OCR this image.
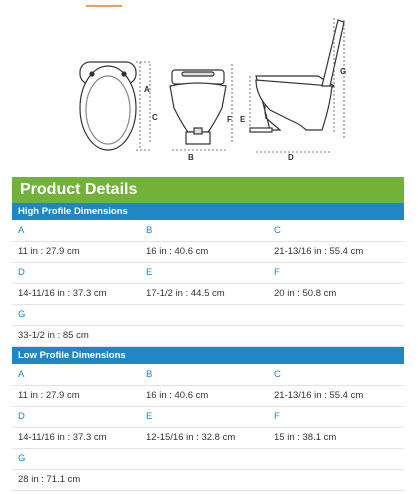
C
A
B
F E
D
G
Product Details
High Profile Dimensions
A	B	C
11 in : 27.9 cm	16 in : 40.6 cm	21-13/16 in : 55.4 cm
D	E	F
14-11/16 in : 37.3 cm	17-1/2 in : 44.5 cm	20 in : 50.8 cm
G
33-1/2 in : 85 cm
Low Profile Dimensions
A	B	C
11 in : 27.9 cm	16 in : 40.6 cm	21-13/16 in : 55.4 cm
D	E	F
14-11/16 in : 37.3 cm	12-15/16 in : 32.8 cm	15 in : 38.1 cm
G
28 in : 71.1 cm
